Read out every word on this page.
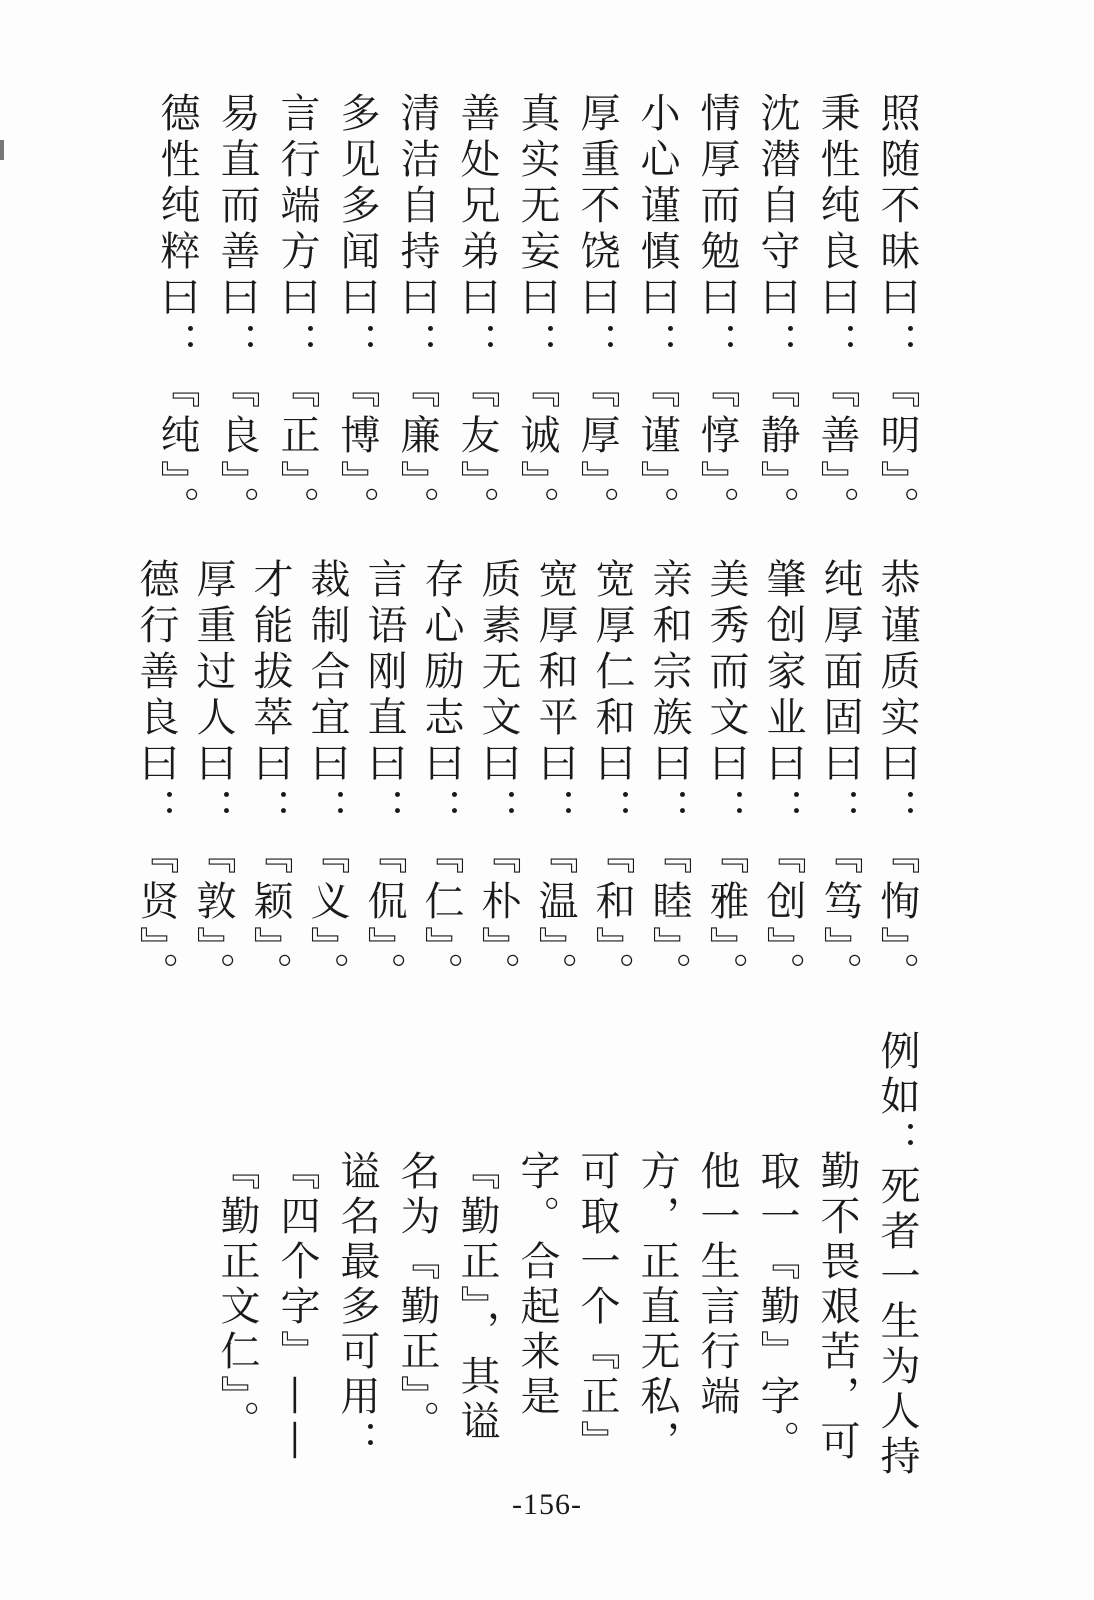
照随不昧曰：『明』。
秉性纯良曰：『善』。
沈潜自守曰：『静』。
情厚而勉曰：『惇』。
小心谨慎曰：『谨』。
厚重不饶曰：『厚』。
真实无妄曰：『诚』。
善处兄弟曰：『友』。
清洁自持曰：『廉』。
多见多闻曰：『博』。
言行端方曰：『正』。
易直而善曰：『良』。
德性纯粹曰：『纯』。
恭谨质实曰：『恂』。
纯厚面固曰：『笃』。
肇创家业曰：『创』。
美秀而文曰：『雅』。
亲和宗族曰：『睦』。
宽厚仁和曰：『和』。
宽厚和平曰：『温』。
质素无文曰：『朴』。
存心励志曰：『仁』。
言语刚直曰：『侃』。
裁制合宜曰：『义』。
才能拔萃曰：『颖』。
厚重过人曰：『敦』。
德行善良曰：『贤』。
例如：死者一生为人持
勤不畏艰苦，可
取一『勤』字。
他一生言行端
方，正直无私，
可取一个『正』
字。合起来是
『勤正』，其谥
名为『勤正』。
谥名最多可用：
『四个字』——
『勤正文仁』。
-156-
